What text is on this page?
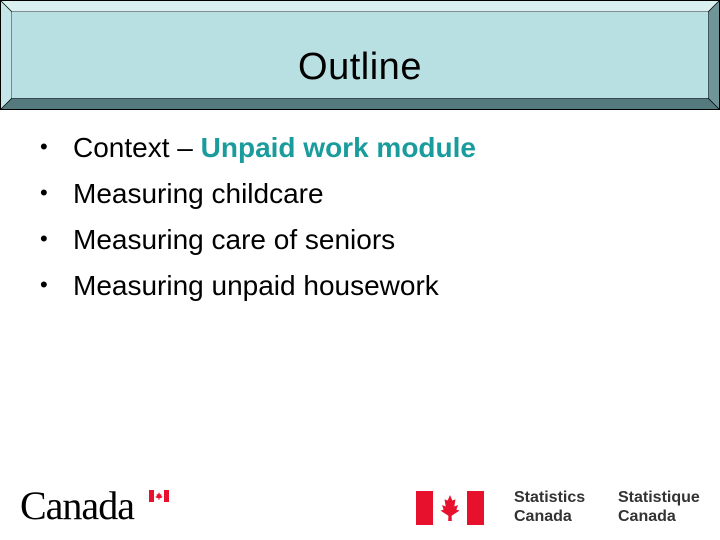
Outline
• Context – Unpaid work module
• Measuring childcare
• Measuring care of seniors
• Measuring unpaid housework
Canada	Statistics
Canada
Statistique
Canada
